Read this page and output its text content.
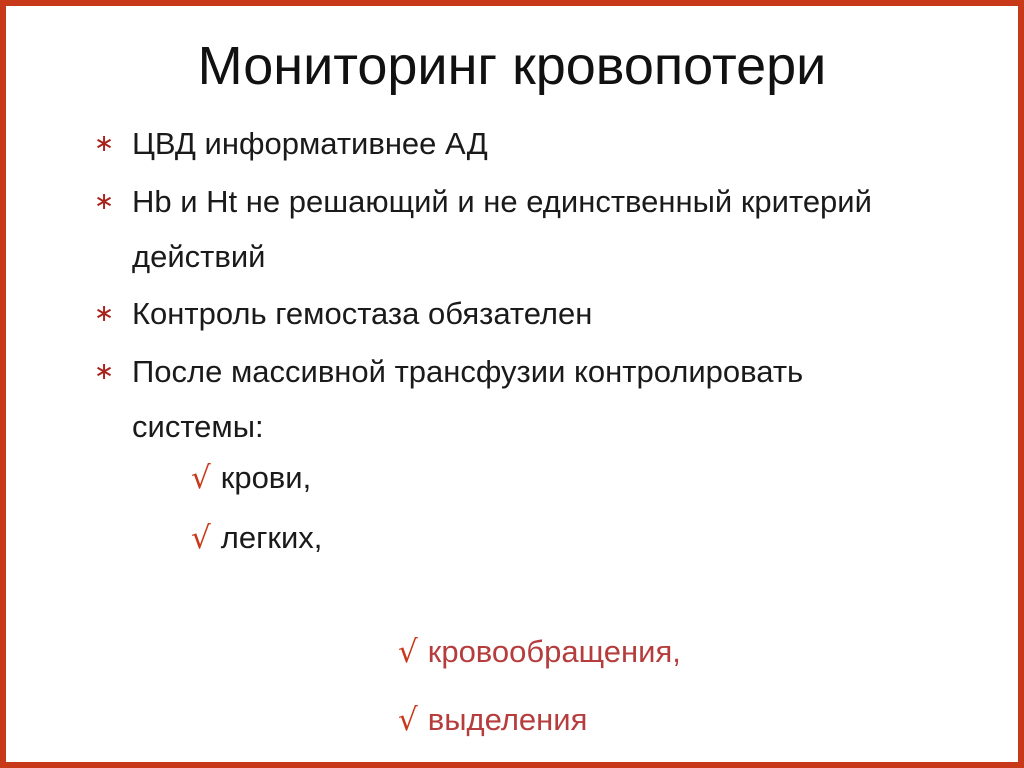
Мониторинг кровопотери
∗ ЦВД информативнее АД
∗ Hb и Ht не решающий и не единственный критерий действий
∗ Контроль гемостаза обязателен
∗ После массивной трансфузии контролировать системы:
√ крови,
√ легких,
√ кровообращения,
√ выделения
